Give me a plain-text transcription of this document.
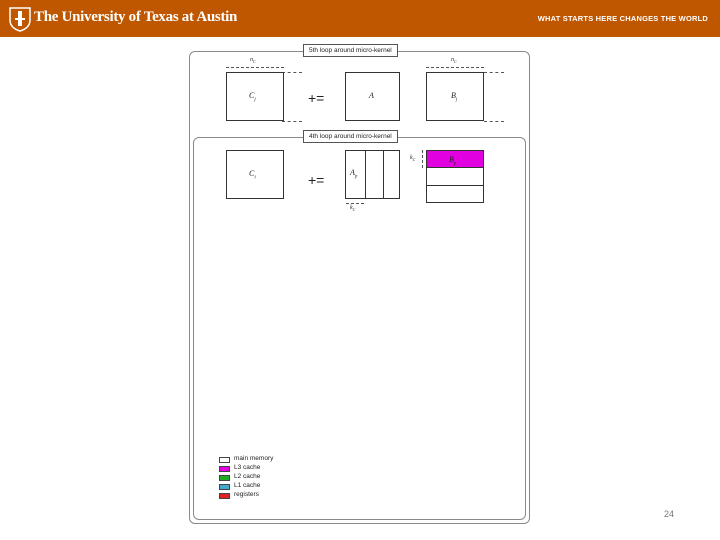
The University of Texas at Austin	WHAT STARTS HERE CHANGES THE WORLD
5th loop around micro-kernel
$n_C$
$C_j$	+=	A
$n_C$
$B_j$
4th loop around micro-kernel
$C_i$	+=	$A_p$
$k_C$
$B_p$
$k_C$
main memory
L3 cache
L2 cache
L1 cache
registers
24
